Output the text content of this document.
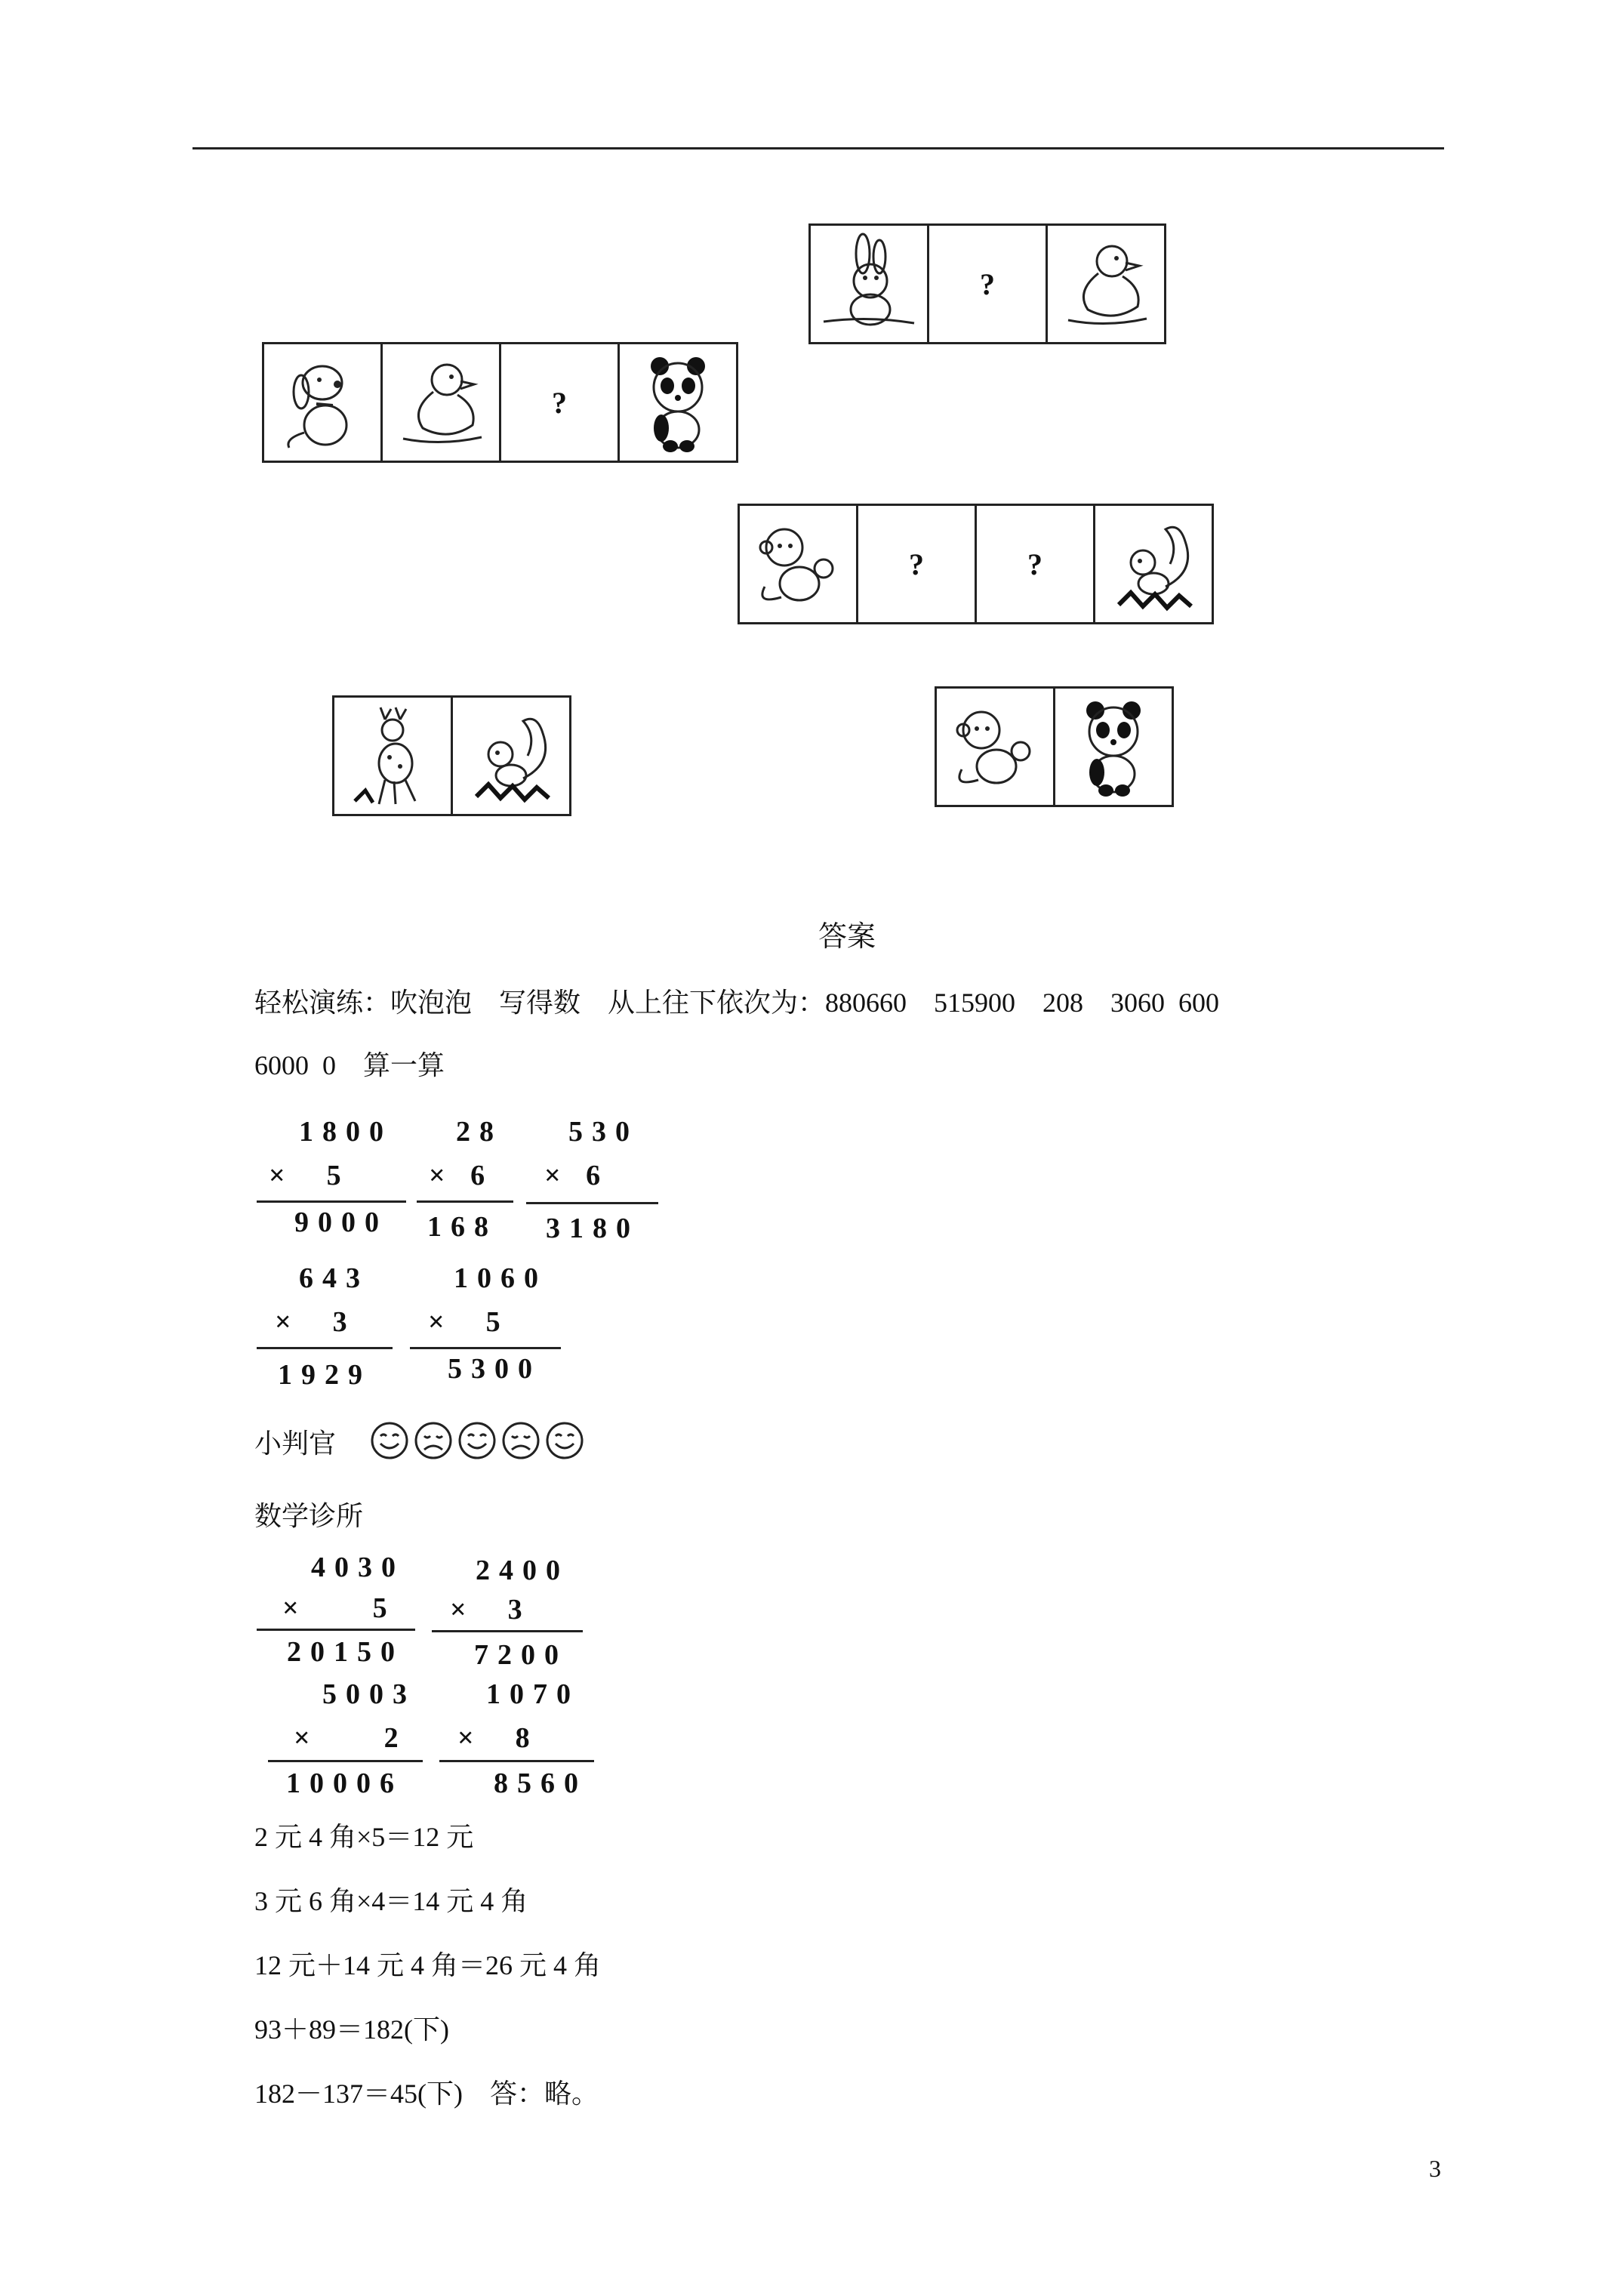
?
?
?	?
答案
轻松演练：吹泡泡    写得数    从上往下依次为：880660    515900    208    3060  600
6000  0    算一算
1800
×  5
9000
28
× 6
168
530
× 6
3180
643
×  3
1929
1060
×  5
5300
小判官
数学诊所
4030
×    5
20150
2400
×  3
7200
5003
×    2
10006
1070
×  8
8560
2 元 4 角×5＝12 元
3 元 6 角×4＝14 元 4 角
12 元＋14 元 4 角＝26 元 4 角
93＋89＝182(下)
182－137＝45(下)    答：略。
3
